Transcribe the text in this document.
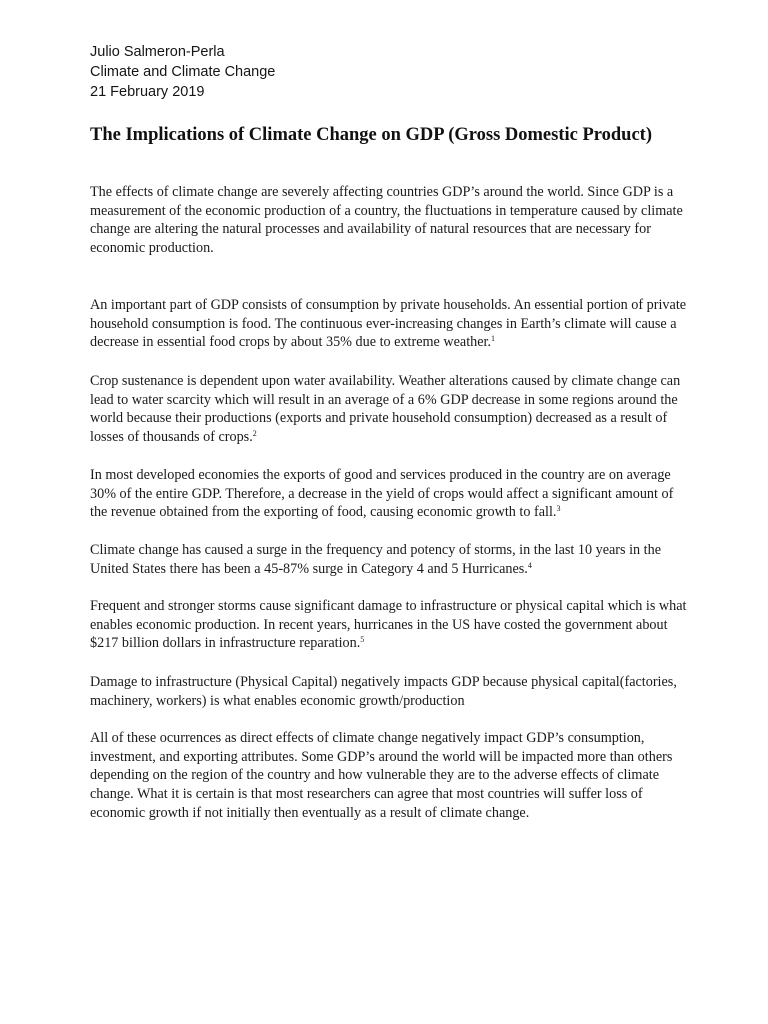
Julio Salmeron-Perla
Climate and Climate Change
21 February 2019
The Implications of Climate Change on GDP (Gross Domestic Product)

The effects of climate change are severely affecting countries GDP’s around the world. Since GDP is a
measurement of the economic production of a country, the fluctuations in temperature caused by climate
change are altering the natural processes and availability of natural resources that are necessary for
economic production.

An important part of GDP consists of consumption by private households. An essential portion of private
household consumption is food. The continuous ever-increasing changes in Earth’s climate will cause a
decrease in essential food crops by about 35% due to extreme weather.$^1$

Crop sustenance is dependent upon water availability. Weather alterations caused by climate change can
lead to water scarcity which will result in an average of a 6% GDP decrease in some regions around the
world because their productions (exports and private household consumption) decreased as a result of
losses of thousands of crops.$^2$

In most developed economies the exports of good and services produced in the country are on average
30% of the entire GDP. Therefore, a decrease in the yield of crops would affect a significant amount of
the revenue obtained from the exporting of food, causing economic growth to fall.$^3$

Climate change has caused a surge in the frequency and potency of storms, in the last 10 years in the
United States there has been a 45-87% surge in Category 4 and 5 Hurricanes.$^4$

Frequent and stronger storms cause significant damage to infrastructure or physical capital which is what
enables economic production. In recent years, hurricanes in the US have costed the government about
$217 billion dollars in infrastructure reparation.$^5$

Damage to infrastructure (Physical Capital) negatively impacts GDP because physical capital(factories,
machinery, workers) is what enables economic growth/production

All of these ocurrences as direct effects of climate change negatively impact GDP’s consumption,
investment, and exporting attributes. Some GDP’s around the world will be impacted more than others
depending on the region of the country and how vulnerable they are to the adverse effects of climate
change. What it is certain is that most researchers can agree that most countries will suffer loss of
economic growth if not initially then eventually as a result of climate change.
